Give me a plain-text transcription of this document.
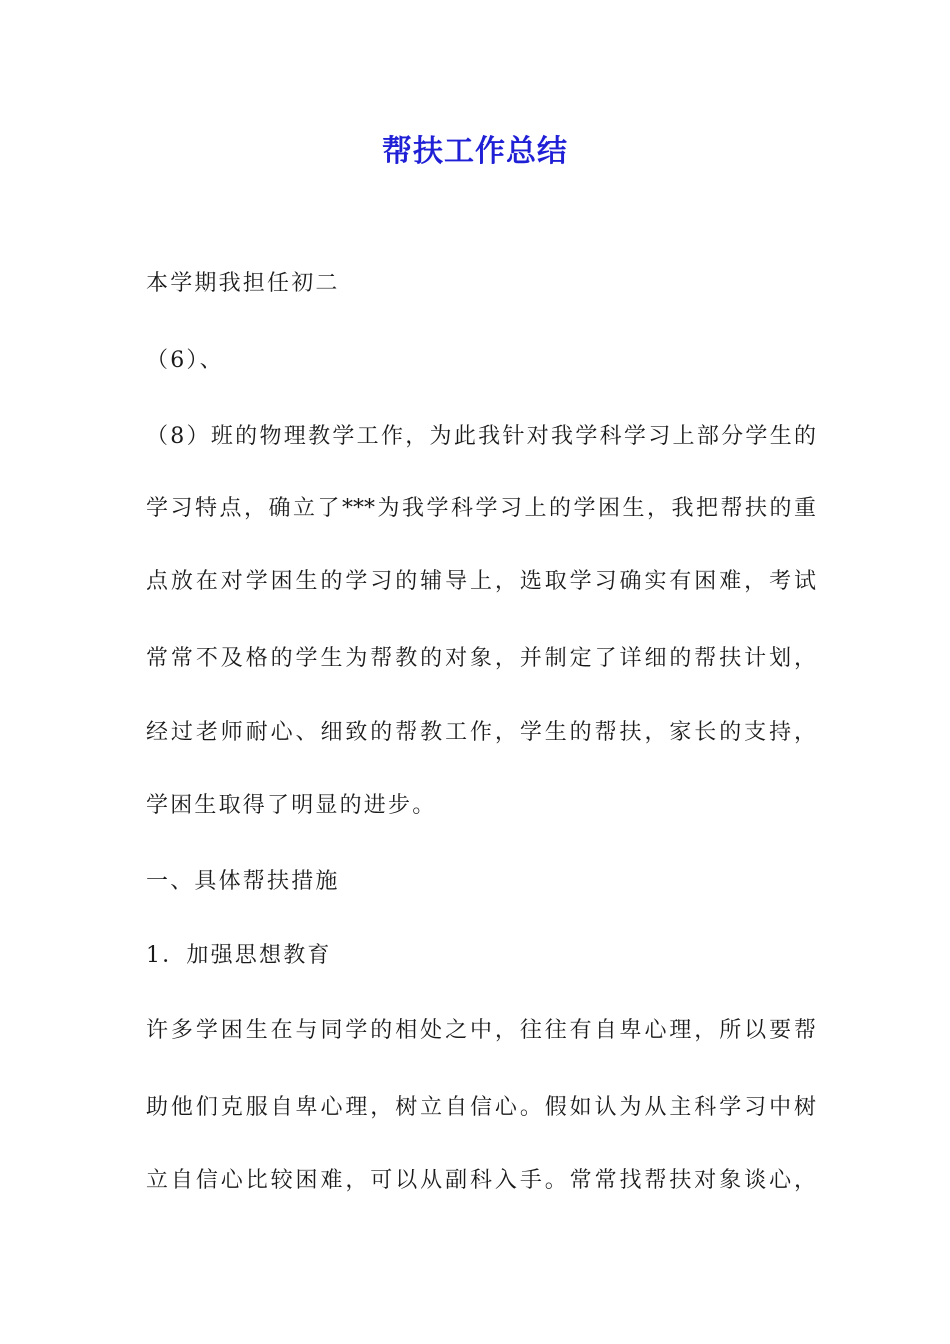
帮扶工作总结

本学期我担任初二

（6）、

（8）班的物理教学工作，为此我针对我学科学习上部分学生的

学习特点，确立了***为我学科学习上的学困生，我把帮扶的重

点放在对学困生的学习的辅导上，选取学习确实有困难，考试

常常不及格的学生为帮教的对象，并制定了详细的帮扶计划，

经过老师耐心、细致的帮教工作，学生的帮扶，家长的支持，

学困生取得了明显的进步。

一、具体帮扶措施

1．加强思想教育

许多学困生在与同学的相处之中，往往有自卑心理，所以要帮

助他们克服自卑心理，树立自信心。假如认为从主科学习中树

立自信心比较困难，可以从副科入手。常常找帮扶对象谈心，
